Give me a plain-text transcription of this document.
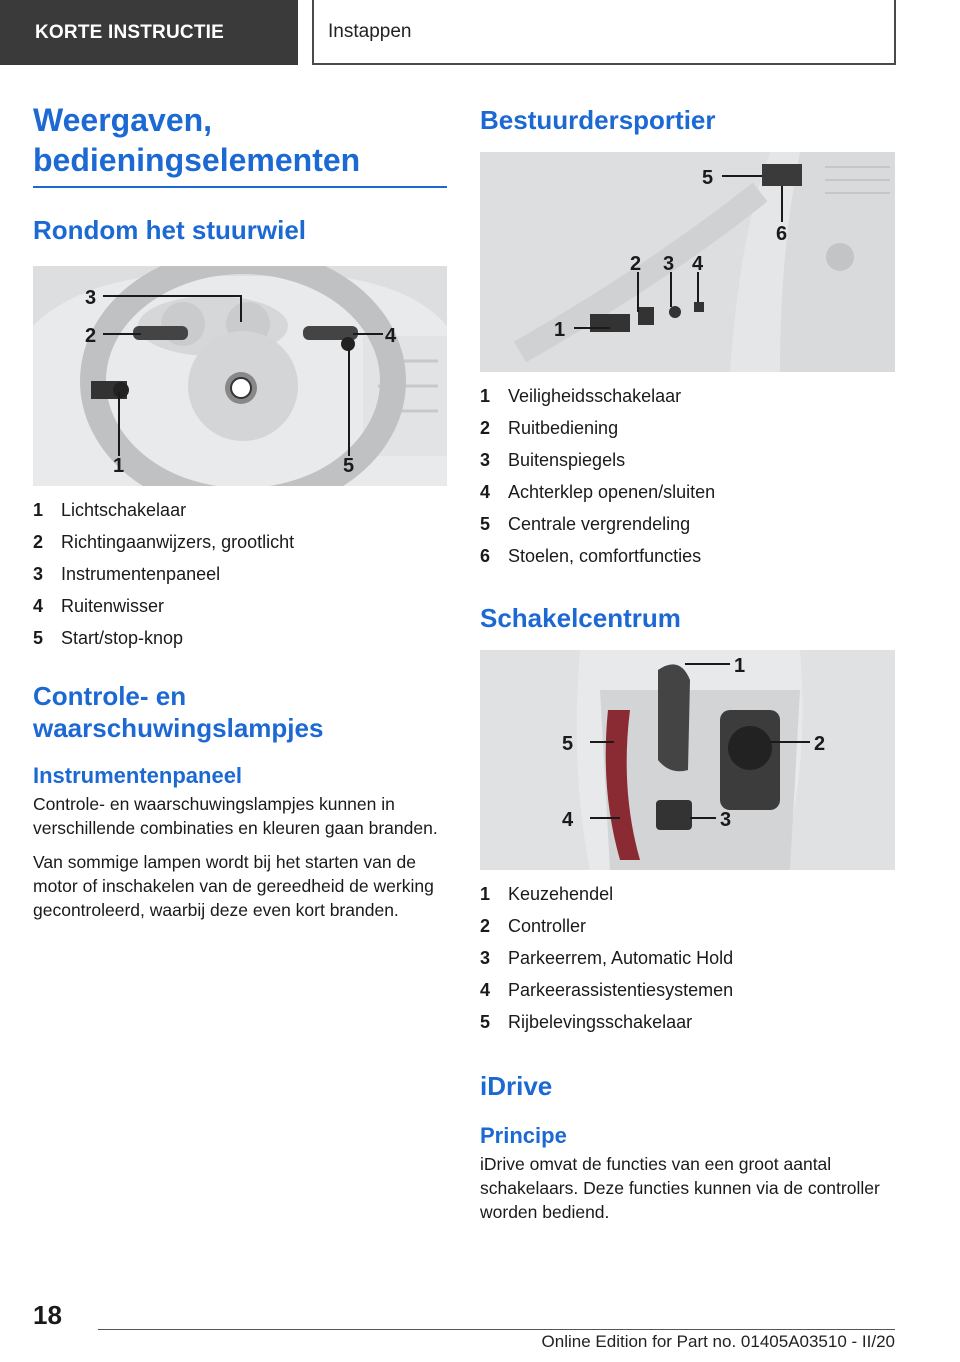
KORTE INSTRUCTIE	Instappen
Weergaven,
bedieningselementen
Rondom het stuurwiel
3
2	4
1	5
1 Lichtschakelaar
2 Richtingaanwijzers, grootlicht
3 Instrumentenpaneel
4 Ruitenwisser
5 Start/stop-knop
Controle- en
waarschuwingslampjes
Instrumentenpaneel

Controle- en waarschuwingslampjes kunnen in verschillende combinaties en kleuren gaan branden.

Van sommige lampen wordt bij het starten van de motor of inschakelen van de gereedheid de werking gecontroleerd, waarbij deze even kort branden.

Bestuurdersportier
1
2 3 4
5
6
1 Veiligheidsschakelaar
2 Ruitbediening
3 Buitenspiegels
4 Achterklep openen/sluiten
5 Centrale vergrendeling
6 Stoelen, comfortfuncties
Schakelcentrum
1
2
3
4
5
1 Keuzehendel
2 Controller
3 Parkeerrem, Automatic Hold
4 Parkeerassistentiesystemen
5 Rijbelevingsschakelaar
iDrive
Principe

iDrive omvat de functies van een groot aantal schakelaars. Deze functies kunnen via de controller worden bediend.

18
Online Edition for Part no. 01405A03510 - II/20
